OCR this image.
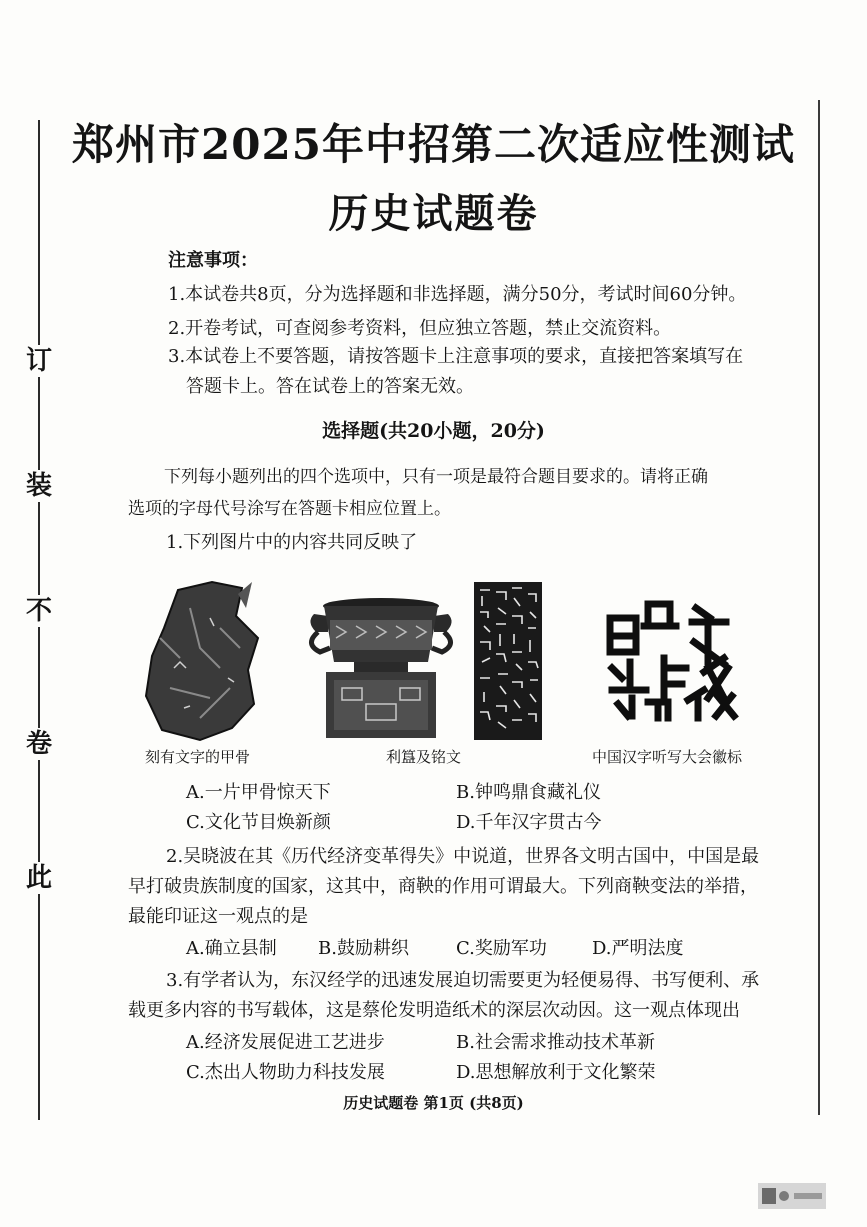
订
装
不
卷
此
郑州市2025年中招第二次适应性测试
历史试题卷
注意事项：
1.本试卷共8页，分为选择题和非选择题，满分50分，考试时间60分钟。
2.开卷考试，可查阅参考资料，但应独立答题，禁止交流资料。
3.本试卷上不要答题，请按答题卡上注意事项的要求，直接把答案填写在
答题卡上。答在试卷上的答案无效。
选择题(共20小题，20分)
下列每小题列出的四个选项中，只有一项是最符合题目要求的。请将正确
选项的字母代号涂写在答题卡相应位置上。
1.下列图片中的内容共同反映了
刻有文字的甲骨	利簋及铭文	中国汉字听写大会徽标
A.一片甲骨惊天下	B.钟鸣鼎食藏礼仪
C.文化节目焕新颜	D.千年汉字贯古今
2.吴晓波在其《历代经济变革得失》中说道，世界各文明古国中，中国是最
早打破贵族制度的国家，这其中，商鞅的作用可谓最大。下列商鞅变法的举措，
最能印证这一观点的是
A.确立县制 B.鼓励耕织	C.奖励军功	D.严明法度
3.有学者认为，东汉经学的迅速发展迫切需要更为轻便易得、书写便利、承
载更多内容的书写载体，这是蔡伦发明造纸术的深层次动因。这一观点体现出
A.经济发展促进工艺进步	B.社会需求推动技术革新
C.杰出人物助力科技发展	D.思想解放利于文化繁荣
历史试题卷 第1页 (共8页)
